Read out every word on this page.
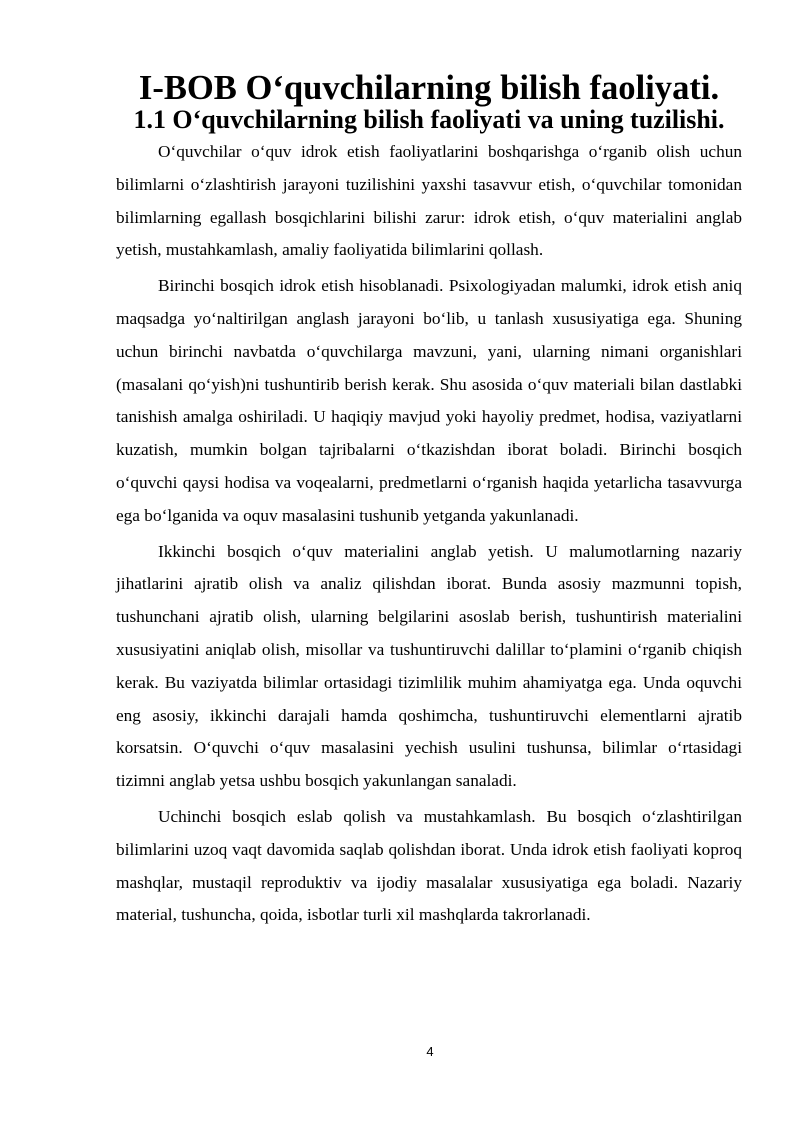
I-BOB O‘quvchilarning bilish faoliyati.
1.1 O‘quvchilarning bilish faoliyati va uning tuzilishi.

O‘quvchilar o‘quv idrok etish faoliyatlarini boshqarishga o‘rganib olish uchun bilimlarni o‘zlashtirish jarayoni tuzilishini yaxshi tasavvur etish, o‘quvchilar tomonidan bilimlarning egallash bosqichlarini bilishi zarur: idrok etish, o‘quv materialini anglab yetish, mustahkamlash, amaliy faoliyatida bilimlarini qollash.

Birinchi bosqich idrok etish hisoblanadi. Psixologiyadan malumki, idrok etish aniq maqsadga yo‘naltirilgan anglash jarayoni bo‘lib, u tanlash xususiyatiga ega. Shuning uchun birinchi navbatda o‘quvchilarga mavzuni, yani, ularning nimani organishlari (masalani qo‘yish)ni tushuntirib berish kerak. Shu asosida o‘quv materiali bilan dastlabki tanishish amalga oshiriladi. U haqiqiy mavjud yoki hayoliy predmet, hodisa, vaziyatlarni kuzatish, mumkin bolgan tajribalarni o‘tkazishdan iborat boladi. Birinchi bosqich o‘quvchi qaysi hodisa va voqealarni, predmetlarni o‘rganish haqida yetarlicha tasavvurga ega bo‘lganida va oquv masalasini tushunib yetganda yakunlanadi.

Ikkinchi bosqich o‘quv materialini anglab yetish. U malumotlarning nazariy jihatlarini ajratib olish va analiz qilishdan iborat. Bunda asosiy mazmunni topish, tushunchani ajratib olish, ularning belgilarini asoslab berish, tushuntirish materialini xususiyatini aniqlab olish, misollar va tushuntiruvchi dalillar to‘plamini o‘rganib chiqish kerak. Bu vaziyatda bilimlar ortasidagi tizimlilik muhim ahamiyatga ega. Unda oquvchi eng asosiy, ikkinchi darajali hamda qoshimcha, tushuntiruvchi elementlarni ajratib korsatsin. O‘quvchi o‘quv masalasini yechish usulini tushunsa, bilimlar o‘rtasidagi tizimni anglab yetsa ushbu bosqich yakunlangan sanaladi.

Uchinchi bosqich eslab qolish va mustahkamlash. Bu bosqich o‘zlashtirilgan bilimlarini uzoq vaqt davomida saqlab qolishdan iborat. Unda idrok etish faoliyati koproq mashqlar, mustaqil reproduktiv va ijodiy masalalar xususiyatiga ega boladi. Nazariy material, tushuncha, qoida, isbotlar turli xil mashqlarda takrorlanadi.

4
